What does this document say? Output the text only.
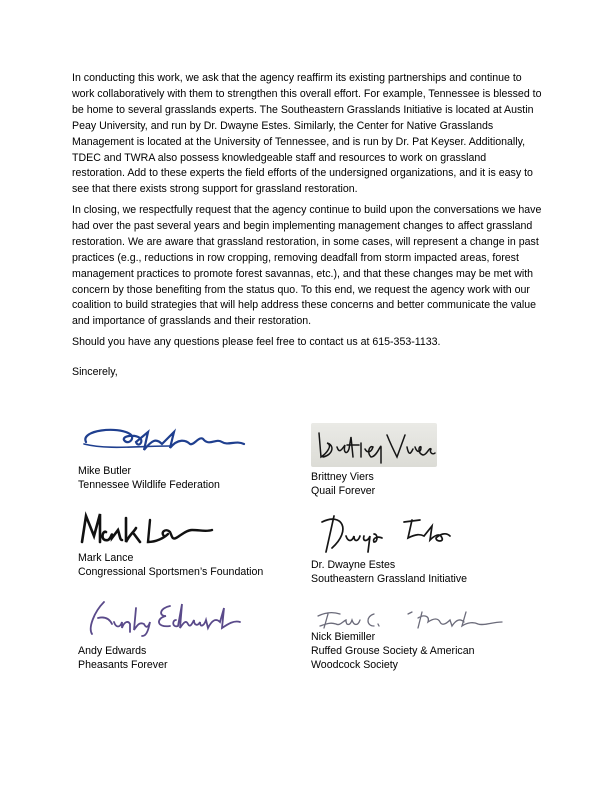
In conducting this work, we ask that the agency reaffirm its existing partnerships and continue to work collaboratively with them to strengthen this overall effort. For example, Tennessee is blessed to be home to several grasslands experts. The Southeastern Grasslands Initiative is located at Austin Peay University, and run by Dr. Dwayne Estes. Similarly, the Center for Native Grasslands Management is located at the University of Tennessee, and is run by Dr. Pat Keyser. Additionally, TDEC and TWRA also possess knowledgeable staff and resources to work on grassland restoration. Add to these experts the field efforts of the undersigned organizations, and it is easy to see that there exists strong support for grassland restoration.

In closing, we respectfully request that the agency continue to build upon the conversations we have had over the past several years and begin implementing management changes to affect grassland restoration. We are aware that grassland restoration, in some cases, will represent a change in past practices (e.g., reductions in row cropping, removing deadfall from storm impacted areas, forest management practices to promote forest savannas, etc.), and that these changes may be met with concern by those benefiting from the status quo. To this end, we request the agency work with our coalition to build strategies that will help address these concerns and better communicate the value and importance of grasslands and their restoration.

Should you have any questions please feel free to contact us at 615-353-1133.

Sincerely,

Mike Butler
Tennessee Wildlife Federation
Brittney Viers
Quail Forever
Mark Lance
Congressional Sportsmen’s Foundation
Dr. Dwayne Estes
Southeastern Grassland Initiative
Andy Edwards
Pheasants Forever
Nick Biemiller
Ruffed Grouse Society & American
Woodcock Society
